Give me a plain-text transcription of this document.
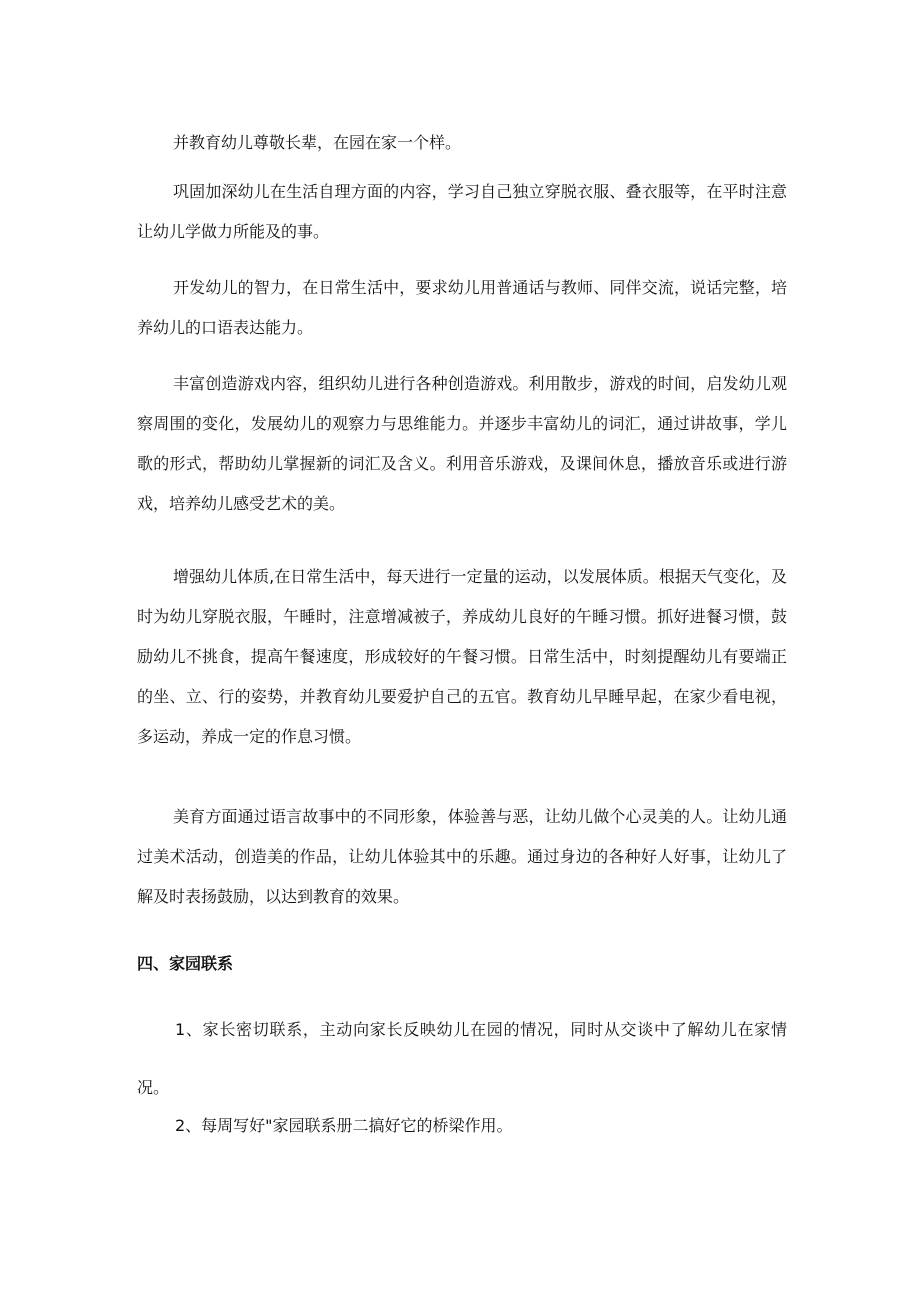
并教育幼儿尊敬长辈，在园在家一个样。

巩固加深幼儿在生活自理方面的内容，学习自己独立穿脱衣服、叠衣服等，在平时注意让幼儿学做力所能及的事。

开发幼儿的智力，在日常生活中，要求幼儿用普通话与教师、同伴交流，说话完整，培养幼儿的口语表达能力。

丰富创造游戏内容，组织幼儿进行各种创造游戏。利用散步，游戏的时间，启发幼儿观察周围的变化，发展幼儿的观察力与思维能力。并逐步丰富幼儿的词汇，通过讲故事，学儿歌的形式，帮助幼儿掌握新的词汇及含义。利用音乐游戏，及课间休息，播放音乐或进行游戏，培养幼儿感受艺术的美。

增强幼儿体质,在日常生活中，每天进行一定量的运动，以发展体质。根据天气变化，及时为幼儿穿脱衣服，午睡时，注意增减被子，养成幼儿良好的午睡习惯。抓好进餐习惯，鼓励幼儿不挑食，提高午餐速度，形成较好的午餐习惯。日常生活中，时刻提醒幼儿有要端正的坐、立、行的姿势，并教育幼儿要爱护自己的五官。教育幼儿早睡早起，在家少看电视，多运动，养成一定的作息习惯。

美育方面通过语言故事中的不同形象，体验善与恶，让幼儿做个心灵美的人。让幼儿通过美术活动，创造美的作品，让幼儿体验其中的乐趣。通过身边的各种好人好事，让幼儿了解及时表扬鼓励，以达到教育的效果。

四、家园联系

1、家长密切联系，主动向家长反映幼儿在园的情况，同时从交谈中了解幼儿在家情况。

2、每周写好"家园联系册二搞好它的桥梁作用。
